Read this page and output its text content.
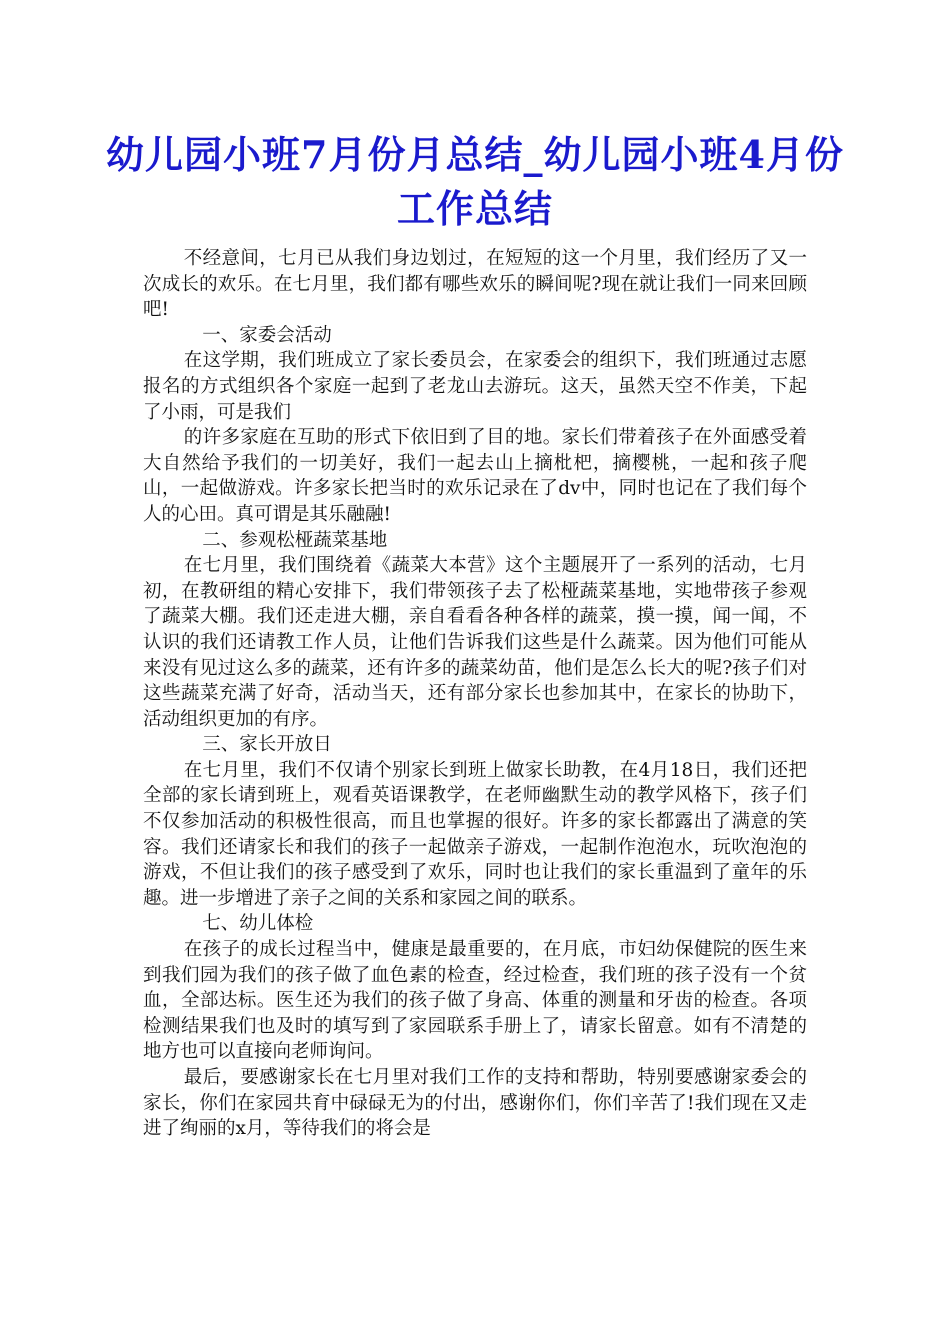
幼儿园小班7月份月总结_幼儿园小班4月份工作总结

不经意间，七月已从我们身边划过，在短短的这一个月里，我们经历了又一次成长的欢乐。在七月里，我们都有哪些欢乐的瞬间呢?现在就让我们一同来回顾吧!

一、家委会活动

在这学期，我们班成立了家长委员会，在家委会的组织下，我们班通过志愿报名的方式组织各个家庭一起到了老龙山去游玩。这天，虽然天空不作美，下起了小雨，可是我们

的许多家庭在互助的形式下依旧到了目的地。家长们带着孩子在外面感受着大自然给予我们的一切美好，我们一起去山上摘枇杷，摘樱桃，一起和孩子爬山，一起做游戏。许多家长把当时的欢乐记录在了dv中，同时也记在了我们每个人的心田。真可谓是其乐融融!

二、参观松桠蔬菜基地

在七月里，我们围绕着《蔬菜大本营》这个主题展开了一系列的活动，七月初，在教研组的精心安排下，我们带领孩子去了松桠蔬菜基地，实地带孩子参观了蔬菜大棚。我们还走进大棚，亲自看看各种各样的蔬菜，摸一摸，闻一闻，不认识的我们还请教工作人员，让他们告诉我们这些是什么蔬菜。因为他们可能从来没有见过这么多的蔬菜，还有许多的蔬菜幼苗，他们是怎么长大的呢?孩子们对这些蔬菜充满了好奇，活动当天，还有部分家长也参加其中，在家长的协助下，活动组织更加的有序。

三、家长开放日

在七月里，我们不仅请个别家长到班上做家长助教，在4月18日，我们还把全部的家长请到班上，观看英语课教学，在老师幽默生动的教学风格下，孩子们不仅参加活动的积极性很高，而且也掌握的很好。许多的家长都露出了满意的笑容。我们还请家长和我们的孩子一起做亲子游戏，一起制作泡泡水，玩吹泡泡的游戏，不但让我们的孩子感受到了欢乐，同时也让我们的家长重温到了童年的乐趣。进一步增进了亲子之间的关系和家园之间的联系。

七、幼儿体检

在孩子的成长过程当中，健康是最重要的，在月底，市妇幼保健院的医生来到我们园为我们的孩子做了血色素的检查，经过检查，我们班的孩子没有一个贫血，全部达标。医生还为我们的孩子做了身高、体重的测量和牙齿的检查。各项检测结果我们也及时的填写到了家园联系手册上了，请家长留意。如有不清楚的地方也可以直接向老师询问。

最后，要感谢家长在七月里对我们工作的支持和帮助，特别要感谢家委会的家长，你们在家园共育中碌碌无为的付出，感谢你们，你们辛苦了!我们现在又走进了绚丽的x月，等待我们的将会是
